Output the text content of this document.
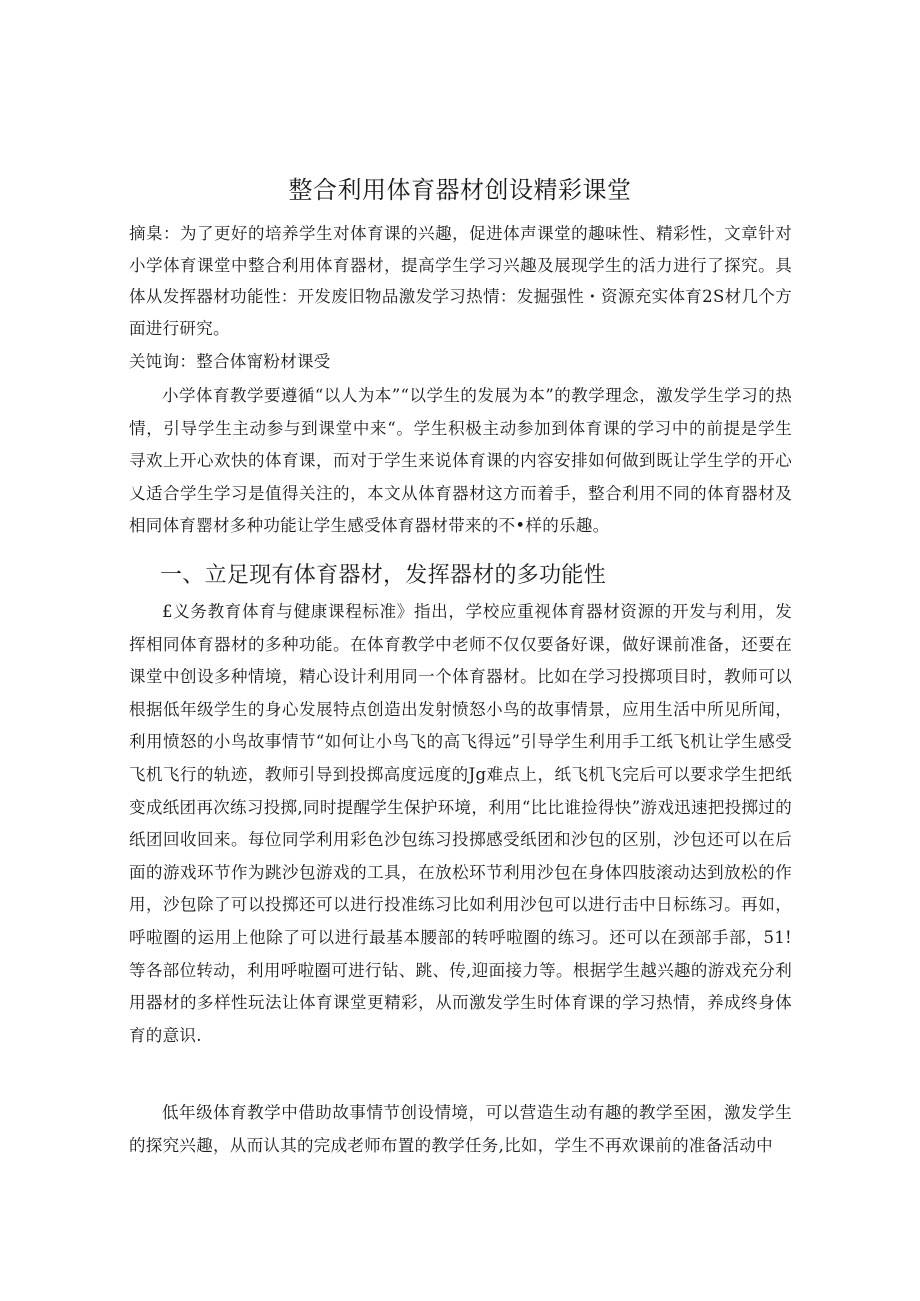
整合利用体育器材创设精彩课堂

摘臬：为了更好的培养学生对体育课的兴趣，促进体声课堂的趣味性、精彩性，文章针对小学体育课堂中整合利用体育器材，提高学生学习兴趣及展现学生的活力进行了探究。具体从发挥器材功能性：开发废旧物品激发学习热情：发掘强性・资源充实体育2S材几个方面进行研究。

关饨询：整合体甯粉材课受

小学体育教学要遵循“以人为本”“以学生的发展为本”的教学理念，激发学生学习的热情，引导学生主动参与到课堂中来“。学生积极主动参加到体育课的学习中的前提是学生寻欢上开心欢快的体育课，而对于学生来说体育课的内容安排如何做到既让学生学的开心乂适合学生学习是值得关注的，本文从体育器材这方而着手，整合利用不同的体育器材及相同体育罂材多种功能让学生感受体育器材带来的不•样的乐趣。

一、立足现有体育器材，发挥器材的多功能性

£义务教育体育与健康课程标准》指出，学校应重视体育器材资源的开发与利用，发挥相同体育器材的多种功能。在体育教学中老师不仅仅要备好课，做好课前准备，还要在课堂中创设多种情境，精心设计利用同一个体育器材。比如在学习投掷项目时，教师可以根据低年级学生的身心发展特点创造出发射愤怒小鸟的故事情景，应用生活中所见所闻，利用愤怒的小鸟故事情节“如何让小鸟飞的高飞得远”引导学生利用手工纸飞机让学生感受飞机飞行的轨迹，教师引导到投掷高度远度的Jg难点上，纸飞机飞完后可以要求学生把纸变成纸团再次练习投掷,同时提醒学生保护环境，利用“比比谁捡得快”游戏迅速把投掷过的纸团回收回来。每位同学利用彩色沙包练习投掷感受纸团和沙包的区别，沙包还可以在后面的游戏环节作为跳沙包游戏的工具，在放松环节利用沙包在身体四肢滚动达到放松的作用，沙包除了可以投掷还可以进行投准练习比如利用沙包可以进行击中日标练习。再如，呼啦圈的运用上他除了可以进行最基本腰部的转呼啦圈的练习。还可以在颈部手部，51!等各部位转动，利用呼啦圈可进行钻、跳、传,迎面接力等。根据学生越兴趣的游戏充分利用器材的多样性玩法让体育课堂更精彩，从而激发学生时体育课的学习热情，养成终身体育的意识.

低年级体育教学中借助故事情节创设情境，可以营造生动有趣的教学至困，激发学生的探究兴趣，从而认其的完成老师布置的教学任务,比如，学生不再欢课前的准备活动中
